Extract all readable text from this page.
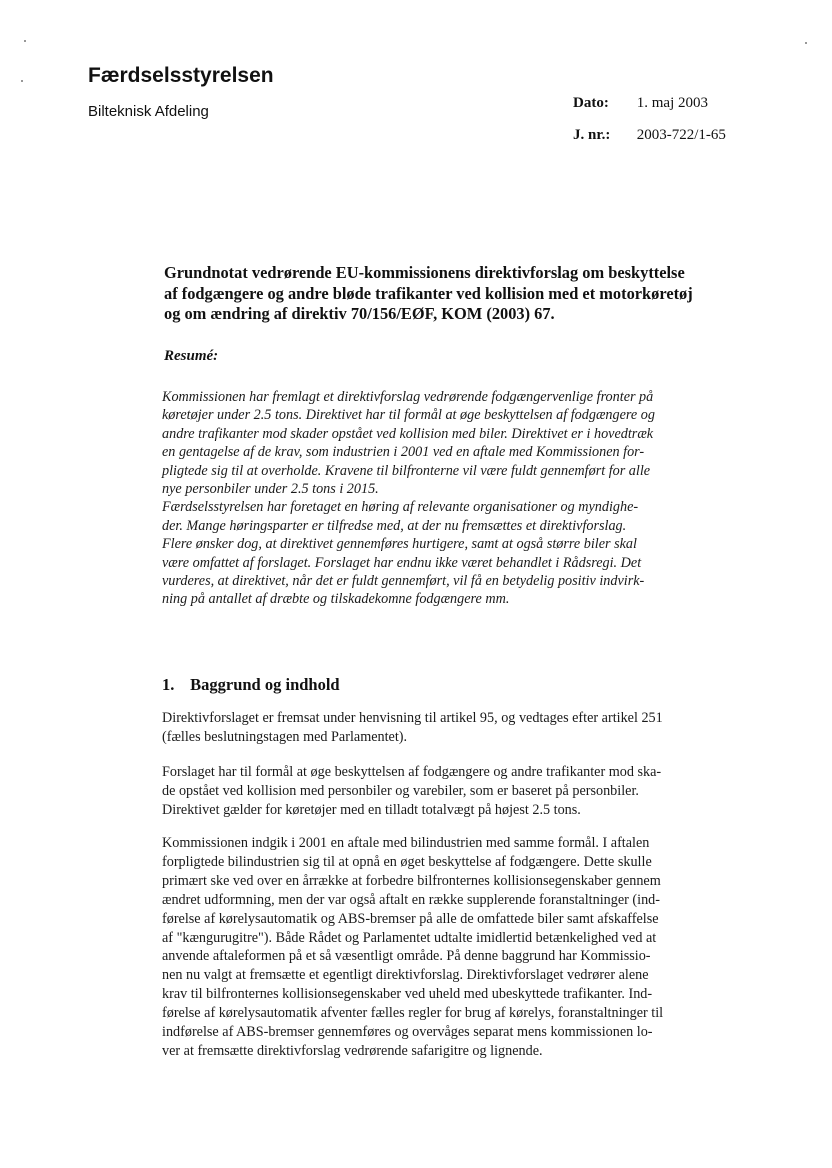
Færdselsstyrelsen
Bilteknisk Afdeling	Dato: 1. maj 2003
J. nr.: 2003-722/1-65
Grundnotat vedrørende EU-kommissionens direktivforslag om beskyttelse
af fodgængere og andre bløde trafikanter ved kollision med et motorkøretøj
og om ændring af direktiv 70/156/EØF, KOM (2003) 67.
Resumé:
Kommissionen har fremlagt et direktivforslag vedrørende fodgængervenlige fronter på
køretøjer under 2.5 tons. Direktivet har til formål at øge beskyttelsen af fodgængere og
andre trafikanter mod skader opstået ved kollision med biler. Direktivet er i hovedtræk
en gentagelse af de krav, som industrien i 2001 ved en aftale med Kommissionen for-
pligtede sig til at overholde. Kravene til bilfronterne vil være fuldt gennemført for alle
nye personbiler under 2.5 tons i 2015.
Færdselsstyrelsen har foretaget en høring af relevante organisationer og myndighe-
der. Mange høringsparter er tilfredse med, at der nu fremsættes et direktivforslag.
Flere ønsker dog, at direktivet gennemføres hurtigere, samt at også større biler skal
være omfattet af forslaget. Forslaget har endnu ikke været behandlet i Rådsregi. Det
vurderes, at direktivet, når det er fuldt gennemført, vil få en betydelig positiv indvirk-
ning på antallet af dræbte og tilskadekomne fodgængere mm.
1. Baggrund og indhold
Direktivforslaget er fremsat under henvisning til artikel 95, og vedtages efter artikel 251
(fælles beslutningstagen med Parlamentet).
Forslaget har til formål at øge beskyttelsen af fodgængere og andre trafikanter mod ska-
de opstået ved kollision med personbiler og varebiler, som er baseret på personbiler.
Direktivet gælder for køretøjer med en tilladt totalvægt på højest 2.5 tons.
Kommissionen indgik i 2001 en aftale med bilindustrien med samme formål. I aftalen
forpligtede bilindustrien sig til at opnå en øget beskyttelse af fodgængere. Dette skulle
primært ske ved over en årrække at forbedre bilfronternes kollisionsegenskaber gennem
ændret udformning, men der var også aftalt en række supplerende foranstaltninger (ind-
førelse af kørelysautomatik og ABS-bremser på alle de omfattede biler samt afskaffelse
af "kængurugitre"). Både Rådet og Parlamentet udtalte imidlertid betænkelighed ved at
anvende aftaleformen på et så væsentligt område. På denne baggrund har Kommissio-
nen nu valgt at fremsætte et egentligt direktivforslag. Direktivforslaget vedrører alene
krav til bilfronternes kollisionsegenskaber ved uheld med ubeskyttede trafikanter. Ind-
førelse af kørelysautomatik afventer fælles regler for brug af kørelys, foranstaltninger til
indførelse af ABS-bremser gennemføres og overvåges separat mens kommissionen lo-
ver at fremsætte direktivforslag vedrørende safarigitre og lignende.
